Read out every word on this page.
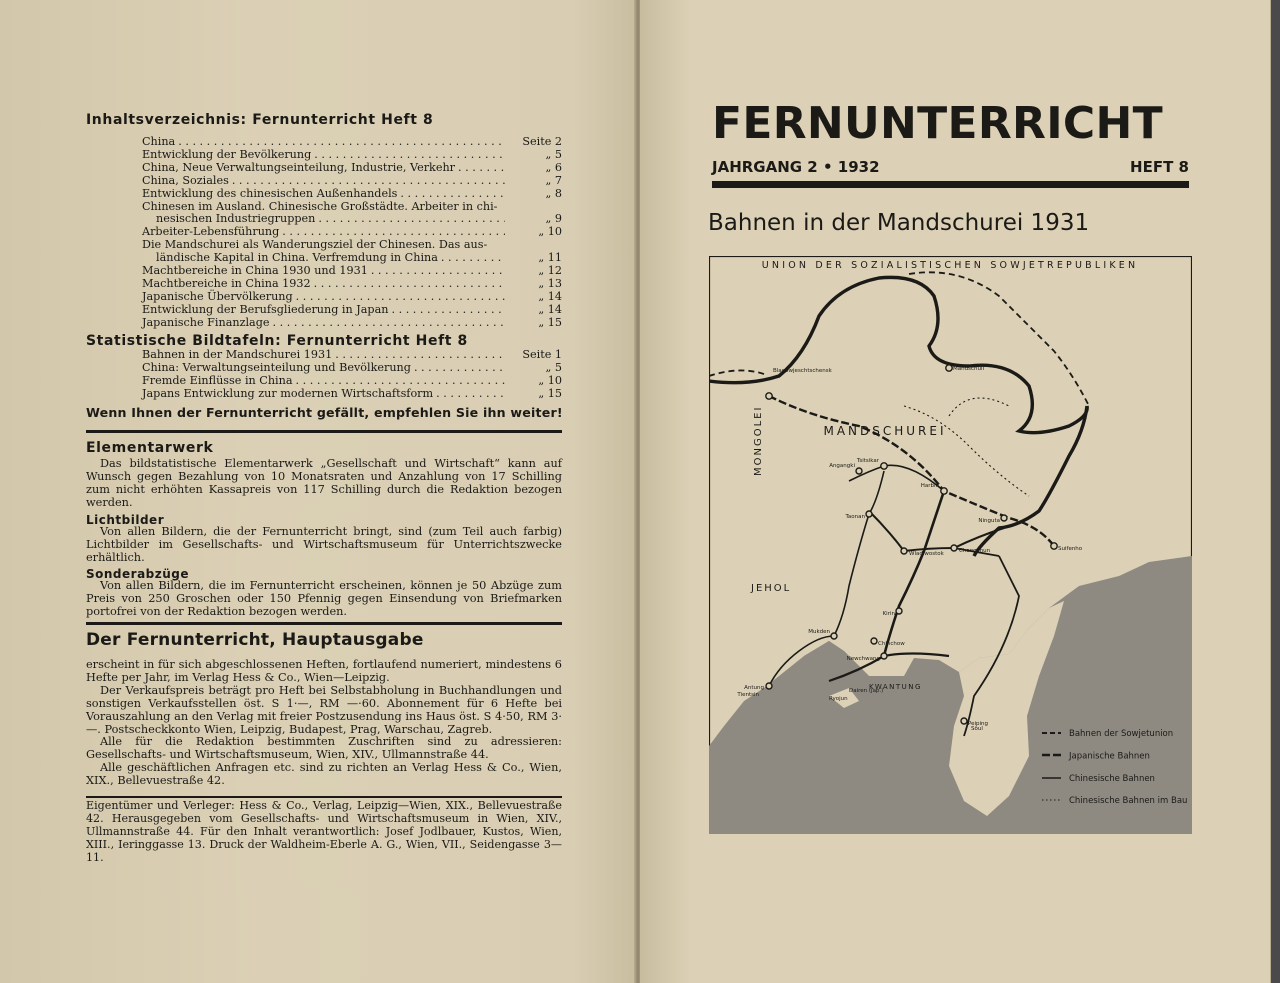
Inhaltsverzeichnis: Fernunterricht Heft 8
China . . .	Seite 2
Entwicklung der Bevölkerung . . .	„ 5
China, Neue Verwaltungseinteilung, Industrie, Verkehr . . .	„ 6
China, Soziales . . .	„ 7
Entwicklung des chinesischen Außenhandels . . .	„ 8
Chinesen im Ausland. Chinesische Großstädte. Arbeiter in chi-
nesischen Industriegruppen . . .	„ 9
Arbeiter-Lebensführung . . .	„ 10
Die Mandschurei als Wanderungsziel der Chinesen. Das aus-
ländische Kapital in China. Verfremdung in China . . .	„ 11
Machtbereiche in China 1930 und 1931 . . .	„ 12
Machtbereiche in China 1932 . . .	„ 13
Japanische Übervölkerung . . .	„ 14
Entwicklung der Berufsgliederung in Japan . . .	„ 14
Japanische Finanzlage . . .	„ 15
Statistische Bildtafeln: Fernunterricht Heft 8
Bahnen in der Mandschurei 1931 . . .	Seite 1
China: Verwaltungseinteilung und Bevölkerung . . .	„ 5
Fremde Einflüsse in China . . .	„ 10
Japans Entwicklung zur modernen Wirtschaftsform . . .	„ 15
Wenn Ihnen der Fernunterricht gefällt, empfehlen Sie ihn weiter!
Elementarwerk

Das bildstatistische Elementarwerk „Gesellschaft und Wirtschaft“ kann auf Wunsch gegen Bezahlung von 10 Monatsraten und Anzahlung von 17 Schilling zum nicht erhöhten Kassapreis von 117 Schilling durch die Redaktion bezogen werden.

Lichtbilder

Von allen Bildern, die der Fernunterricht bringt, sind (zum Teil auch farbig) Lichtbilder im Gesellschafts- und Wirtschaftsmuseum für Unterrichtszwecke erhältlich.

Sonderabzüge

Von allen Bildern, die im Fernunterricht erscheinen, können je 50 Abzüge zum Preis von 250 Groschen oder 150 Pfennig gegen Einsendung von Briefmarken portofrei von der Redaktion bezogen werden.

Der Fernunterricht, Hauptausgabe

erscheint in für sich abgeschlossenen Heften, fortlaufend numeriert, mindestens 6 Hefte per Jahr, im Verlag Hess & Co., Wien—Leipzig.

Der Verkaufspreis beträgt pro Heft bei Selbstabholung in Buchhandlungen und sonstigen Verkaufsstellen öst. S 1·—, RM —·60. Abonnement für 6 Hefte bei Vorauszahlung an den Verlag mit freier Postzusendung ins Haus öst. S 4·50, RM 3·—. Postscheckkonto Wien, Leipzig, Budapest, Prag, Warschau, Zagreb.

Alle für die Redaktion bestimmten Zuschriften sind zu adressieren: Gesellschafts- und Wirtschaftsmuseum, Wien, XIV., Ullmannstraße 44.

Alle geschäftlichen Anfragen etc. sind zu richten an Verlag Hess & Co., Wien, XIX., Bellevuestraße 42.

Eigentümer und Verleger: Hess & Co., Verlag, Leipzig—Wien, XIX., Bellevuestraße 42. Herausgegeben vom Gesellschafts- und Wirtschaftsmuseum in Wien, XIV., Ullmannstraße 44. Für den Inhalt verantwortlich: Josef Jodlbauer, Kustos, Wien, XIII., Ieringgasse 13. Druck der Waldheim-Eberle A. G., Wien, VII., Seidengasse 3—11.

FERNUNTERRICHT
JAHRGANG 2 • 1932	HEFT 8
Bahnen in der Mandschurei 1931
UNION DER SOZIALISTISCHEN SOWJETREPUBLIKEN
MANDSCHUREI
MONGOLEI
JEHOL
KWANTUNG
Blagowjeschtschensk	Mandschuli
Tsitsikar
Angangki
Harbin
Taonan
Ninguta
Suifenho
Wladiwostok	Changchun
Kirin
Mukden
Chinchow
Newchwang
Antung
Peiping
Tientsin
Ryojun
Dairen (jap.)
Söul	Bahnen der Sowjetunion
Japanische Bahnen
Chinesische Bahnen
Chinesische Bahnen im Bau
